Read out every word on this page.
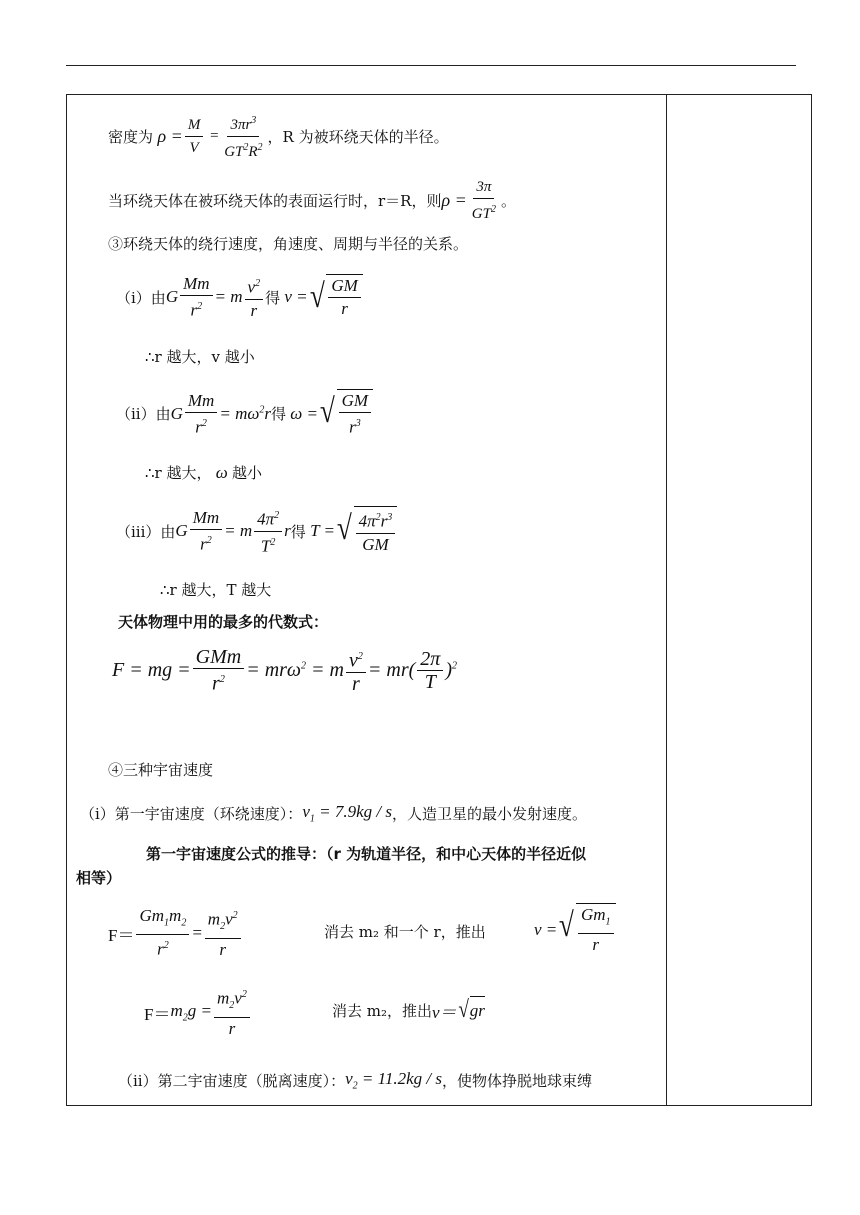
密度为 $\rho = \frac{M}{V} = \frac{3\pi r^3}{GT^2R^2}$ ，R 为被环绕天体的半径。
当环绕天体在被环绕天体的表面运行时，r＝R，则 $\rho = \frac{3\pi}{GT^2}$ 。
③环绕天体的绕行速度，角速度、周期与半径的关系。
（i）由 G $\frac{Mm}{r^2} = m$
$v^2$
r
得 v = √ GM
r
∴r 越大，v 越小
（ii）由 G $\frac{Mm}{r^2} = m\omega^2r$ 得 ω = √ GM
$r^3$
∴r 越大， ω 越小
（iii）由 G $\frac{Mm}{r^2} = m$
$4\pi^2$
$T^2$
r 得 T = √ $4\pi^2r^3$
GM
∴r 越大，T 越大
天体物理中用的最多的代数式：
F = mg =
GMm
$r^2 = mr\omega^2 = m \frac{v^2}{r} = mr$( 2π
T
)$^2$
④三种宇宙速度
（i）第一宇宙速度（环绕速度）： $v_1 = 7.9kg / s$ ，人造卫星的最小发射速度。
第一宇宙速度公式的推导：（r 为轨道半径，和中心天体的半径近似
相等）
$F= \frac{Gm_1m_2}{r^2} = \frac{m_2v^2}{r}$	消去 m₂ 和一个 r，推出	v = √ $Gm_1$
r
$F= m_2g = \frac{m_2v^2}{r}$	消去 m₂，推出 v＝ √ gr
（ii）第二宇宙速度（脱离速度）： $v_2 = 11.2kg / s$ ，使物体挣脱地球束缚
